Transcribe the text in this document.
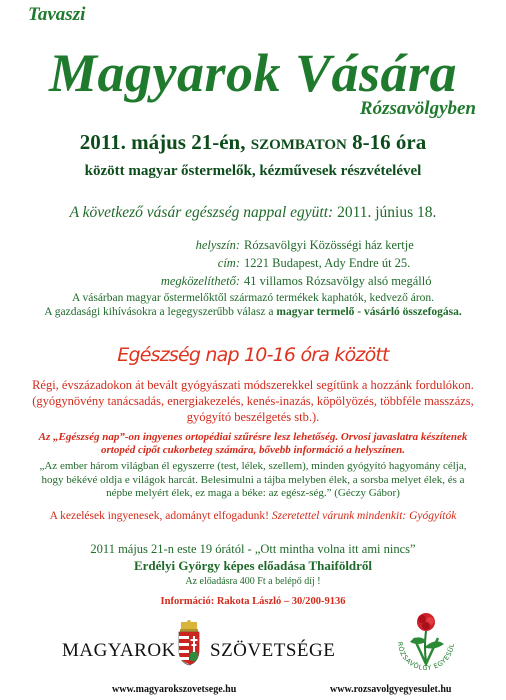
Tavaszi
Magyarok Vására
Rózsavölgyben
2011. május 21-én, SZOMBATON 8-16 óra
között magyar őstermelők, kézművesek részvételével
A következő vásár egészség nappal együtt: 2011. június 18.
helyszín: Rózsavölgyi Közösségi ház kertje
cím: 1221 Budapest, Ady Endre út 25.
megközelíthető: 41 villamos Rózsavölgy alsó megálló
A vásárban magyar őstermelőktől származó termékek kaphatók, kedvező áron.
A gazdasági kihívásokra a legegyszerűbb válasz a magyar termelő - vásárló összefogása.
Egészség nap 10-16 óra között
Régi, évszázadokon át bevált gyógyászati módszerekkel segítünk a hozzánk fordulókon. (gyógynövény tanácsadás, energiakezelés, kenés-inazás, köpölyözés, többféle masszázs, gyógyító beszélgetés stb.).
Az „Egészség nap”-on ingyenes ortopédiai szűrésre lesz lehetőség. Orvosi javaslatra készítenek ortopéd cipőt cukorbeteg számára, bővebb információ a helyszínen.
„Az ember három világban él egyszerre (test, lélek, szellem), minden gyógyító hagyomány célja, hogy békévé oldja e világok harcát. Belesimulni a tájba melyben élek, a sorsba melyet élek, és a népbe melyért élek, ez maga a béke: az egész-ség.” (Géczy Gábor)
A kezelések ingyenesek, adományt elfogadunk! Szeretettel várunk mindenkit: Gyógyítók
2011 május 21-n este 19 órától - „Ott mintha volna itt ami nincs”
Erdélyi György képes előadása Thaiföldről
Az előadásra 400 Ft a belépő díj !
Információ: Rakota László – 30/200-9136
MAGYAROK SZÖVETSÉGE	RÓZSAVÖLGY EGYESÜL
www.magyarokszovetsege.hu	www.rozsavolgyegyesulet.hu
